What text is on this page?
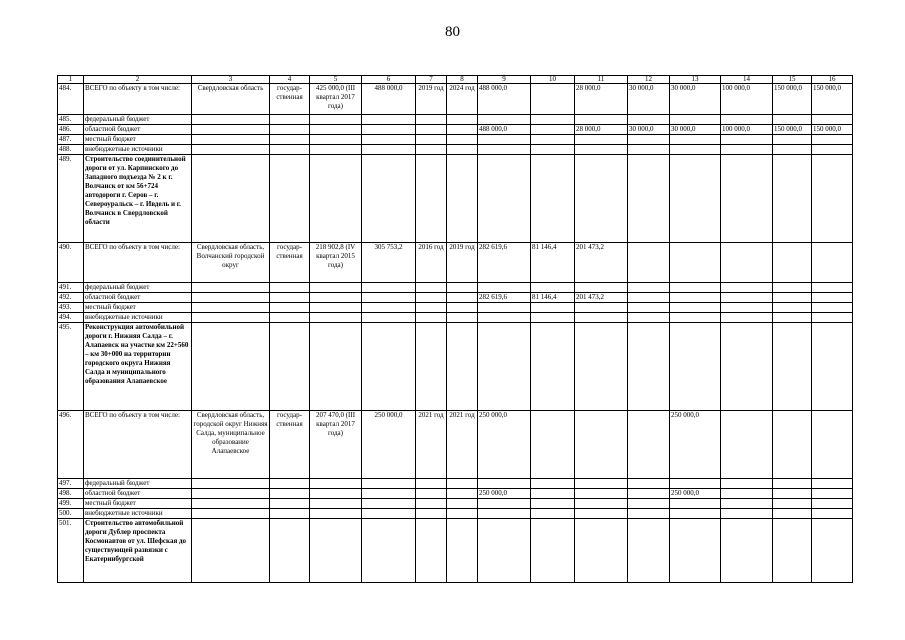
80
1	2	3	4	5	6	7	8	9	10	11	12	13	14	15	16
484.	ВСЕГО по объекту в том числе:	Свердловская область	государ-ственная	425 000,0 (III квартал 2017 года)	488 000,0	2019 год	2024 год	488 000,0		28 000,0	30 000,0	30 000,0	100 000,0	150 000,0	150 000,0
485.	федеральный бюджет														
486.	областной бюджет							488 000,0		28 000,0	30 000,0	30 000,0	100 000,0	150 000,0	150 000,0
487.	местный бюджет														
488.	внебюджетные источники														
489.	Строительство соединительной дороги от ул. Карпинского до Западного подъезда № 2 к г. Волчанск от км 56+724 автодороги г. Серов – г. Североуральск – г. Ивдель и г. Волчанск в Свердловской области														
490.	ВСЕГО по объекту в том числе:	Свердловская область, Волчанский городской округ	государ-ственная	218 902,8 (IV квартал 2015 года)	305 753,2	2016 год	2019 год	282 619,6	81 146,4	201 473,2					
491.	федеральный бюджет														
492.	областной бюджет							282 619,6	81 146,4	201 473,2					
493.	местный бюджет														
494.	внебюджетные источники														
495.	Реконструкция автомобильной дороги г. Нижняя Салда – г. Алапаевск на участке км 22+560 – км 30+000 на территории городского округа Нижняя Салда и муниципального образования Алапаевское														
496.	ВСЕГО по объекту в том числе:	Свердловская область, городской округ Нижняя Салда, муниципальное образование Алапаевское	государ-ственная	207 470,0 (III квартал 2017 года)	250 000,0	2021 год	2021 год	250 000,0				250 000,0			
497.	федеральный бюджет														
498.	областной бюджет							250 000,0				250 000,0			
499.	местный бюджет														
500.	внебюджетные источники														
501.	Строительство автомобильной дороги Дублер проспекта Космонавтов от ул. Шефская до существующей развязки с Екатеринбургской														
